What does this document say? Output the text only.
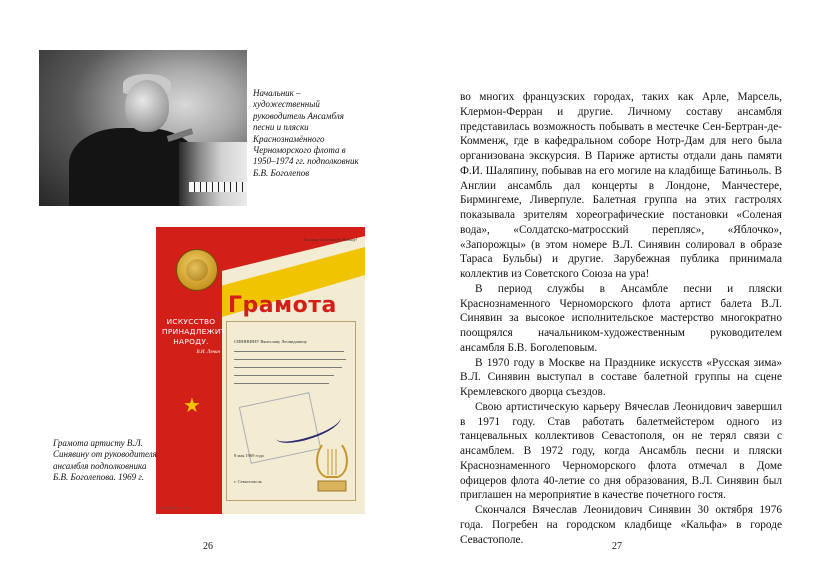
Начальник – художественный руководитель Ансамбля песни и пляски Краснознамённого Черноморского флота в 1950–1974 гг. подполковник Б.В. Боголепов
За нашу Советскую Родину!
ИСКУССТВО ПРИНАДЛЕЖИТ НАРОДУ.
В.И. Ленин
★
Грамота
СИНЯВИНУ Вячеславу Леонидовичу
8 мая 1969 года
г. Севастополь
Типография ... Зак. ...
Грамота артисту В.Л. Синявину от руководителя ансамбля подполковника Б.В. Боголепова. 1969 г.
26

во многих французских городах, таких как Арле, Марсель, Клермон-Ферран и другие. Личному составу ансамбля представилась возможность побывать в местечке Сен-Бертран-де-Комменж, где в кафедральном соборе Нотр-Дам для него была организована экскурсия. В Париже артисты отдали дань памяти Ф.И. Шаляпину, побывав на его могиле на кладбище Батиньоль. В Англии ансамбль дал концерты в Лондоне, Манчестере, Бирмингеме, Ливерпуле. Балетная группа на этих гастролях показывала зрителям хореографические постановки «Соленая вода», «Солдатско-матросский перепляс», «Яблочко», «Запорожцы» (в этом номере В.Л. Синявин солировал в образе Тараса Бульбы) и другие. Зарубежная публика принимала коллектив из Советского Союза на ура!

В период службы в Ансамбле песни и пляски Краснознаменного Черноморского флота артист балета В.Л. Синявин за высокое исполнительское мастерство многократно поощрялся начальником-художественным руководителем ансамбля Б.В. Боголеповым.

В 1970 году в Москве на Празднике искусств «Русская зима» В.Л. Синявин выступал в составе балетной группы на сцене Кремлевского дворца съездов.

Свою артистическую карьеру Вячеслав Леонидович завершил в 1971 году. Став работать балетмейстером одного из танцевальных коллективов Севастополя, он не терял связи с ансамблем. В 1972 году, когда Ансамбль песни и пляски Краснознаменного Черноморского флота отмечал в Доме офицеров флота 40-летие со дня образования, В.Л. Синявин был приглашен на мероприятие в качестве почетного гостя.

Скончался Вячеслав Леонидович Синявин 30 октября 1976 года. Погребен на городском кладбище «Кальфа» в городе Севастополе.

27
